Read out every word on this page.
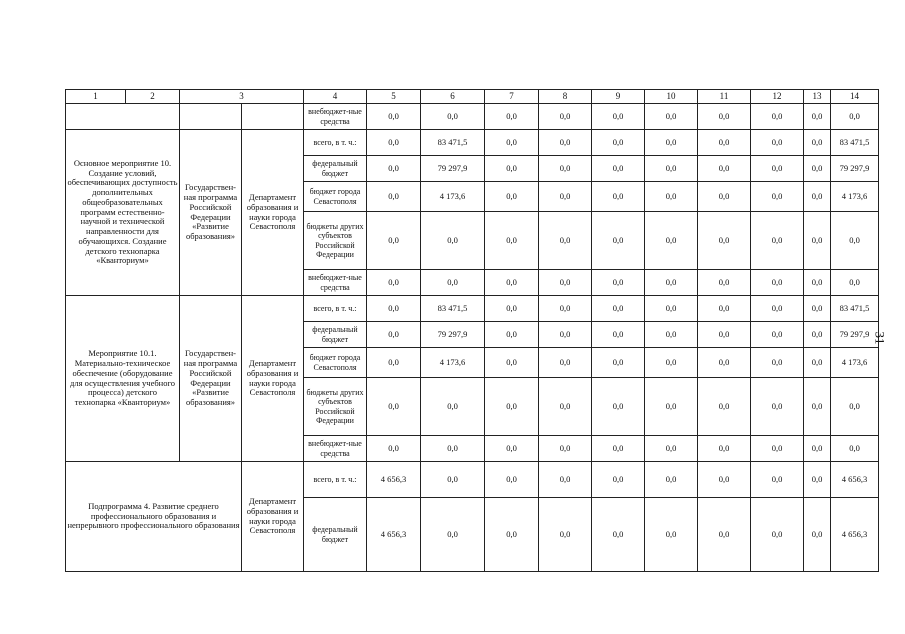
1	2	3		4	5	6	7	8	9	10	11	12	13	14
				внебюджет-ные средства	0,0	0,0	0,0	0,0	0,0	0,0	0,0	0,0	0,0	0,0
Основное мероприятие 10. Создание условий, обеспечивающих доступность дополнительных общеобразовательных программ естественно-научной и технической направленности для обучающихся. Создание детского технопарка «Кванториум»		Государствен-ная программа Российской Федерации «Развитие образования»	Департамент образования и науки города Севастополя	всего, в т. ч.:	0,0	83 471,5	0,0	0,0	0,0	0,0	0,0	0,0	0,0	83 471,5
				федеральный бюджет	0,0	79 297,9	0,0	0,0	0,0	0,0	0,0	0,0	0,0	79 297,9
				бюджет города Севастополя	0,0	4 173,6	0,0	0,0	0,0	0,0	0,0	0,0	0,0	4 173,6
				бюджеты других субъектов Российской Федерации	0,0	0,0	0,0	0,0	0,0	0,0	0,0	0,0	0,0	0,0
				внебюджет-ные средства	0,0	0,0	0,0	0,0	0,0	0,0	0,0	0,0	0,0	0,0
Мероприятие 10.1. Материально-техническое обеспечение (оборудование для осуществления учебного процесса) детского технопарка «Кванториум»		Государствен-ная программа Российской Федерации «Развитие образования»	Департамент образования и науки города Севастополя	всего, в т. ч.:	0,0	83 471,5	0,0	0,0	0,0	0,0	0,0	0,0	0,0	83 471,5
				федеральный бюджет	0,0	79 297,9	0,0	0,0	0,0	0,0	0,0	0,0	0,0	79 297,9
				бюджет города Севастополя	0,0	4 173,6	0,0	0,0	0,0	0,0	0,0	0,0	0,0	4 173,6
				бюджеты других субъектов Российской Федерации	0,0	0,0	0,0	0,0	0,0	0,0	0,0	0,0	0,0	0,0
				внебюджет-ные средства	0,0	0,0	0,0	0,0	0,0	0,0	0,0	0,0	0,0	0,0
Подпрограмма 4. Развитие среднего профессионального образования и непрерывного профессионального образования			Департамент образования и науки города Севастополя	всего, в т. ч.:	4 656,3	0,0	0,0	0,0	0,0	0,0	0,0	0,0	0,0	4 656,3
				федеральный бюджет	4 656,3	0,0	0,0	0,0	0,0	0,0	0,0	0,0	0,0	4 656,3
31
